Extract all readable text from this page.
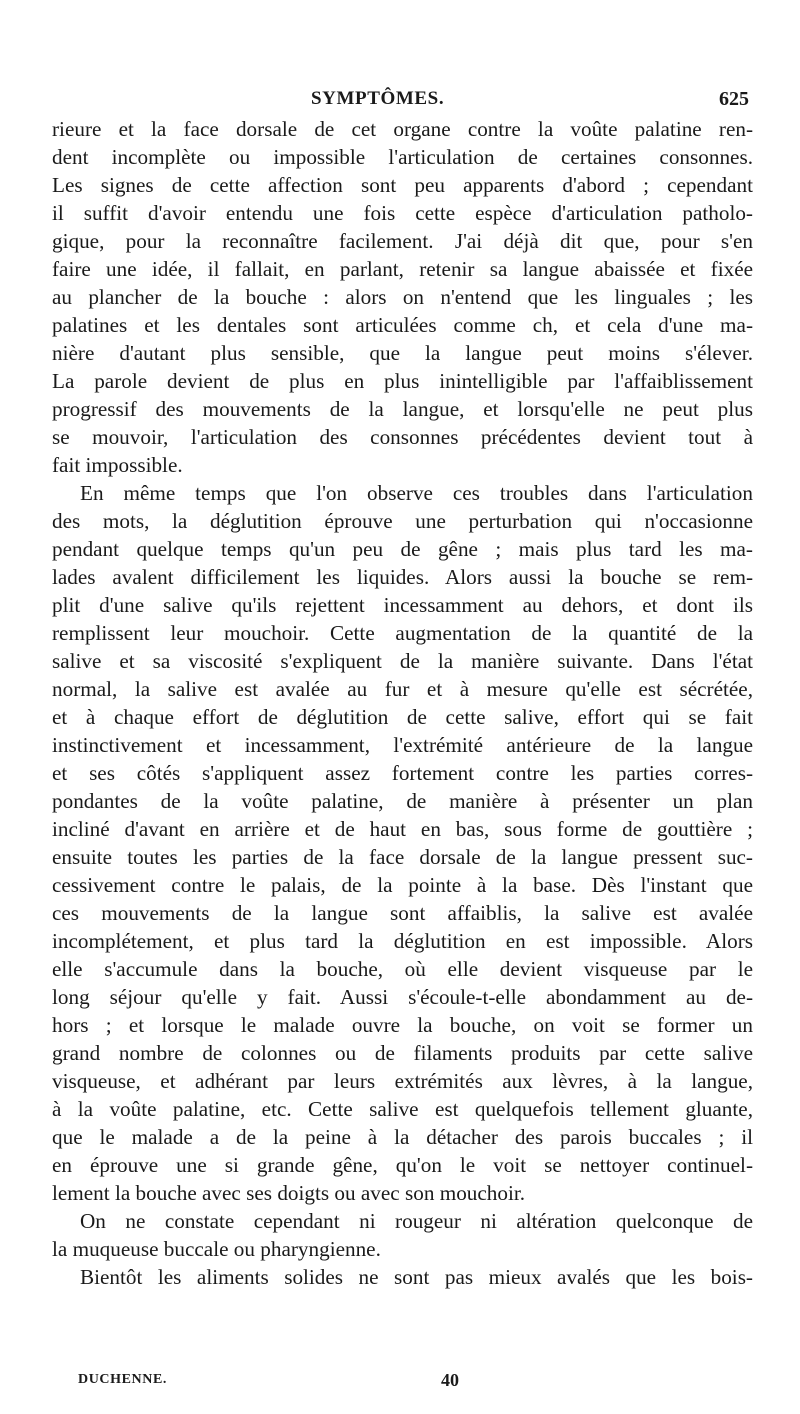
SYMPTÔMES.	625
rieure et la face dorsale de cet organe contre la voûte palatine ren-
dent incomplète ou impossible l'articulation de certaines consonnes.
Les signes de cette affection sont peu apparents d'abord ; cependant
il suffit d'avoir entendu une fois cette espèce d'articulation patholo-
gique, pour la reconnaître facilement. J'ai déjà dit que, pour s'en
faire une idée, il fallait, en parlant, retenir sa langue abaissée et fixée
au plancher de la bouche : alors on n'entend que les linguales ; les
palatines et les dentales sont articulées comme ch, et cela d'une ma-
nière d'autant plus sensible, que la langue peut moins s'élever.
La parole devient de plus en plus inintelligible par l'affaiblissement
progressif des mouvements de la langue, et lorsqu'elle ne peut plus
se mouvoir, l'articulation des consonnes précédentes devient tout à
fait impossible.
En même temps que l'on observe ces troubles dans l'articulation
des mots, la déglutition éprouve une perturbation qui n'occasionne
pendant quelque temps qu'un peu de gêne ; mais plus tard les ma-
lades avalent difficilement les liquides. Alors aussi la bouche se rem-
plit d'une salive qu'ils rejettent incessamment au dehors, et dont ils
remplissent leur mouchoir. Cette augmentation de la quantité de la
salive et sa viscosité s'expliquent de la manière suivante. Dans l'état
normal, la salive est avalée au fur et à mesure qu'elle est sécrétée,
et à chaque effort de déglutition de cette salive, effort qui se fait
instinctivement et incessamment, l'extrémité antérieure de la langue
et ses côtés s'appliquent assez fortement contre les parties corres-
pondantes de la voûte palatine, de manière à présenter un plan
incliné d'avant en arrière et de haut en bas, sous forme de gouttière ;
ensuite toutes les parties de la face dorsale de la langue pressent suc-
cessivement contre le palais, de la pointe à la base. Dès l'instant que
ces mouvements de la langue sont affaiblis, la salive est avalée
incomplétement, et plus tard la déglutition en est impossible. Alors
elle s'accumule dans la bouche, où elle devient visqueuse par le
long séjour qu'elle y fait. Aussi s'écoule-t-elle abondamment au de-
hors ; et lorsque le malade ouvre la bouche, on voit se former un
grand nombre de colonnes ou de filaments produits par cette salive
visqueuse, et adhérant par leurs extrémités aux lèvres, à la langue,
à la voûte palatine, etc. Cette salive est quelquefois tellement gluante,
que le malade a de la peine à la détacher des parois buccales ; il
en éprouve une si grande gêne, qu'on le voit se nettoyer continuel-
lement la bouche avec ses doigts ou avec son mouchoir.
On ne constate cependant ni rougeur ni altération quelconque de
la muqueuse buccale ou pharyngienne.
Bientôt les aliments solides ne sont pas mieux avalés que les bois-
DUCHENNE.	40
